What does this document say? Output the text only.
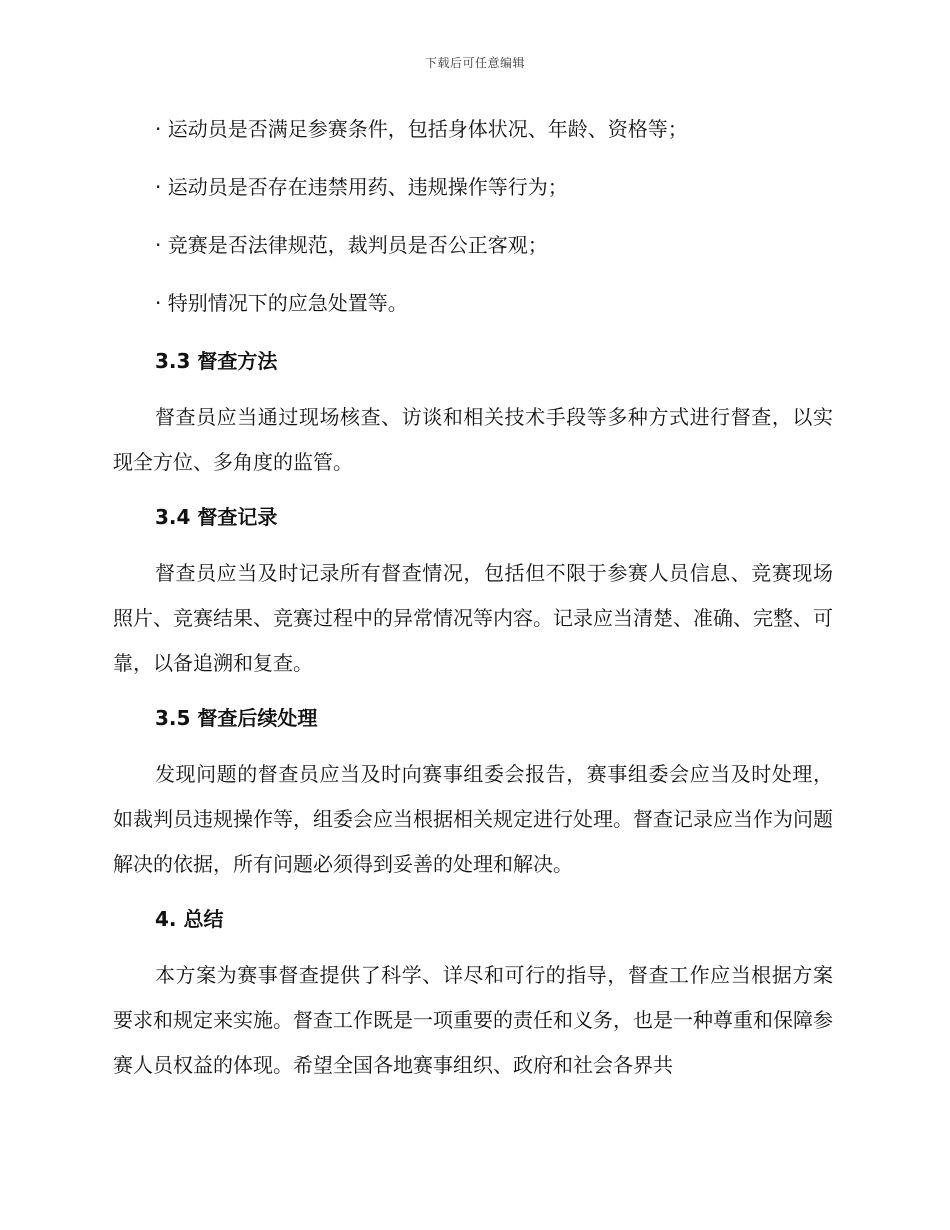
下载后可任意编辑
· 运动员是否满足参赛条件，包括身体状况、年龄、资格等；
· 运动员是否存在违禁用药、违规操作等行为；
· 竞赛是否法律规范，裁判员是否公正客观；
· 特别情况下的应急处置等。
3.3 督查方法
督查员应当通过现场核查、访谈和相关技术手段等多种方式进行督查，以实现全方位、多角度的监管。
3.4 督查记录
督查员应当及时记录所有督查情况，包括但不限于参赛人员信息、竞赛现场照片、竞赛结果、竞赛过程中的异常情况等内容。记录应当清楚、准确、完整、可靠，以备追溯和复查。
3.5 督查后续处理
发现问题的督查员应当及时向赛事组委会报告，赛事组委会应当及时处理，如裁判员违规操作等，组委会应当根据相关规定进行处理。督查记录应当作为问题解决的依据，所有问题必须得到妥善的处理和解决。
4. 总结
本方案为赛事督查提供了科学、详尽和可行的指导，督查工作应当根据方案要求和规定来实施。督查工作既是一项重要的责任和义务，也是一种尊重和保障参赛人员权益的体现。希望全国各地赛事组织、政府和社会各界共
